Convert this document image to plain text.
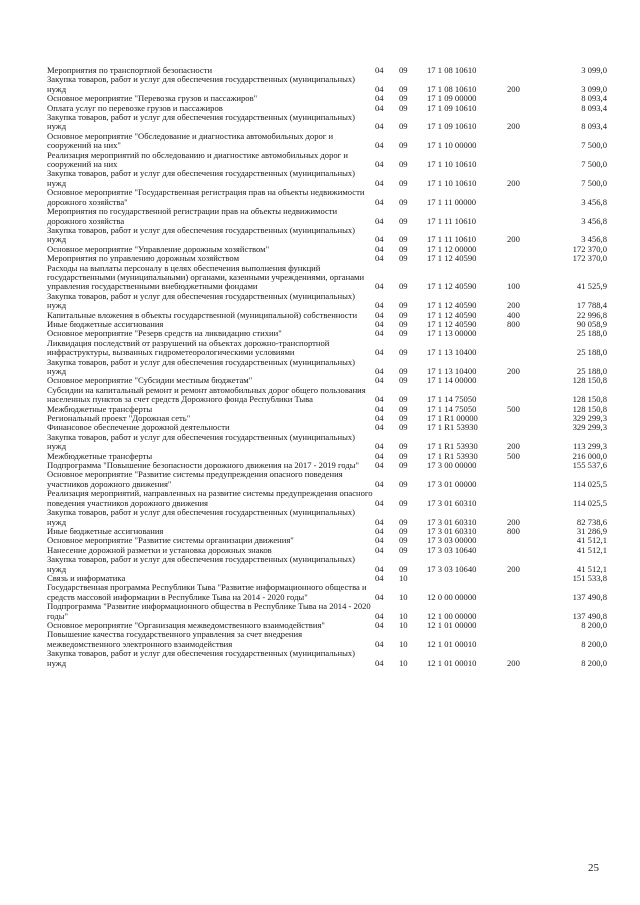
Мероприятия по транспортной безопасности	04	09	17 1 08 10610		3 099,0
Закупка товаров, работ и услуг для обеспечения государственных (муниципальных) нужд	04	09	17 1 08 10610	200	3 099,0
Основное мероприятие "Перевозка грузов и пассажиров"	04	09	17 1 09 00000		8 093,4
Оплата услуг по перевозке грузов и пассажиров	04	09	17 1 09 10610		8 093,4
Закупка товаров, работ и услуг для обеспечения государственных (муниципальных) нужд	04	09	17 1 09 10610	200	8 093,4
Основное мероприятие "Обследование и диагностика автомобильных дорог и сооружений на них"	04	09	17 1 10 00000		7 500,0
Реализация мероприятий по обследованию и диагностике автомобильных дорог и сооружений на них	04	09	17 1 10 10610		7 500,0
Закупка товаров, работ и услуг для обеспечения государственных (муниципальных) нужд	04	09	17 1 10 10610	200	7 500,0
Основное мероприятие "Государственная регистрация прав на объекты недвижимости дорожного хозяйства"	04	09	17 1 11 00000		3 456,8
Мероприятия по государственной регистрации прав на объекты недвижимости дорожного хозяйства	04	09	17 1 11 10610		3 456,8
Закупка товаров, работ и услуг для обеспечения государственных (муниципальных) нужд	04	09	17 1 11 10610	200	3 456,8
Основное мероприятие "Управление дорожным хозяйством"	04	09	17 1 12 00000		172 370,0
Мероприятия по управлению дорожным хозяйством	04	09	17 1 12 40590		172 370,0
Расходы на выплаты персоналу в целях обеспечения выполнения функций государственными (муниципальными) органами, казенными учреждениями, органами управления государственными внебюджетными фондами	04	09	17 1 12 40590	100	41 525,9
Закупка товаров, работ и услуг для обеспечения государственных (муниципальных) нужд	04	09	17 1 12 40590	200	17 788,4
Капитальные вложения в объекты государственной (муниципальной) собственности	04	09	17 1 12 40590	400	22 996,8
Иные бюджетные ассигнования	04	09	17 1 12 40590	800	90 058,9
Основное мероприятие "Резерв средств на ликвидацию стихии"	04	09	17 1 13 00000		25 188,0
Ликвидация последствий от разрушений на объектах дорожно-транспортной инфраструктуры, вызванных гидрометеорологическими условиями	04	09	17 1 13 10400		25 188,0
Закупка товаров, работ и услуг для обеспечения государственных (муниципальных) нужд	04	09	17 1 13 10400	200	25 188,0
Основное мероприятие "Субсидии местным бюджетам"	04	09	17 1 14 00000		128 150,8
Субсидии на капитальный ремонт и ремонт автомобильных дорог общего пользования населенных пунктов за счет средств Дорожного фонда Республики Тыва	04	09	17 1 14 75050		128 150,8
Межбюджетные трансферты	04	09	17 1 14 75050	500	128 150,8
Региональный проект "Дорожная сеть"	04	09	17 1 R1 00000		329 299,3
Финансовое обеспечение дорожной деятельности	04	09	17 1 R1 53930		329 299,3
Закупка товаров, работ и услуг для обеспечения государственных (муниципальных) нужд	04	09	17 1 R1 53930	200	113 299,3
Межбюджетные трансферты	04	09	17 1 R1 53930	500	216 000,0
Подпрограмма "Повышение безопасности дорожного движения на 2017 - 2019 годы"	04	09	17 3 00 00000		155 537,6
Основное мероприятие "Развитие системы предупреждения опасного поведения участников дорожного движения"	04	09	17 3 01 00000		114 025,5
Реализация мероприятий, направленных на развитие системы предупреждения опасного поведения участников дорожного движения	04	09	17 3 01 60310		114 025,5
Закупка товаров, работ и услуг для обеспечения государственных (муниципальных) нужд	04	09	17 3 01 60310	200	82 738,6
Иные бюджетные ассигнования	04	09	17 3 01 60310	800	31 286,9
Основное мероприятие "Развитие системы организации движения"	04	09	17 3 03 00000		41 512,1
Нанесение дорожной разметки и установка дорожных знаков	04	09	17 3 03 10640		41 512,1
Закупка товаров, работ и услуг для обеспечения государственных (муниципальных) нужд	04	09	17 3 03 10640	200	41 512,1
Связь и информатика	04	10			151 533,8
Государственная программа Республики Тыва "Развитие информационного общества и средств массовой информации в Республике Тыва на 2014 - 2020 годы"	04	10	12 0 00 00000		137 490,8
Подпрограмма "Развитие информационного общества в Республике Тыва на 2014 - 2020 годы"	04	10	12 1 00 00000		137 490,8
Основное мероприятие "Организация межведомственного взаимодействия"	04	10	12 1 01 00000		8 200,0
Повышение качества государственного управления за счет внедрения межведомственного электронного взаимодействия	04	10	12 1 01 00010		8 200,0
Закупка товаров, работ и услуг для обеспечения государственных (муниципальных) нужд	04	10	12 1 01 00010	200	8 200,0
25
